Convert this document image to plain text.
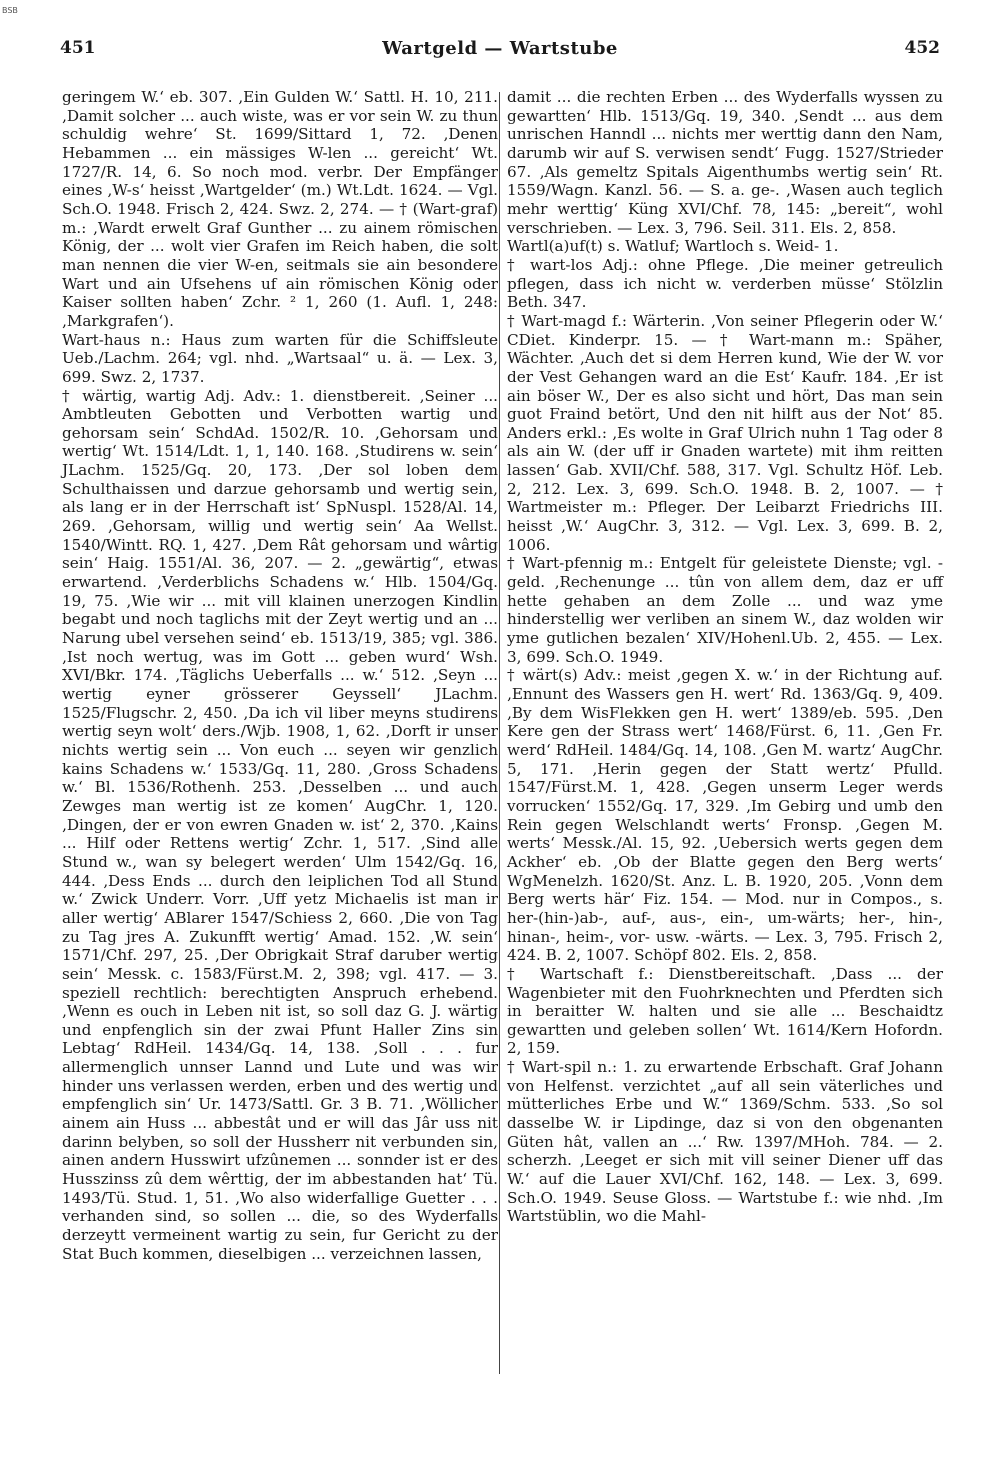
BSB
451	Wartgeld — Wartstube	452

geringem W.‘ eb. 307. ‚Ein Gulden W.‘ Sattl. H. 10, 211. ‚Damit solcher ... auch wiste, was er vor sein W. zu thun schuldig wehre‘ St. 1699/Sittard 1, 72. ‚Denen Hebammen ... ein mässiges W-len ... gereicht‘ Wt. 1727/R. 14, 6. So noch mod. verbr. Der Empfänger eines ‚W-s‘ heisst ‚Wartgelder‘ (m.) Wt.Ldt. 1624. — Vgl. Sch.O. 1948. Frisch 2, 424. Swz. 2, 274. — † (Wart-graf) m.: ‚Wardt erwelt Graf Gunther ... zu ainem römischen König, der ... wolt vier Grafen im Reich haben, die solt man nennen die vier W-en, seitmals sie ain besondere Wart und ain Ufsehens uf ain römischen König oder Kaiser sollten haben‘ Zchr. ² 1, 260 (1. Aufl. 1, 248: ‚Markgrafen‘).

Wart-haus n.: Haus zum warten für die Schiffsleute Ueb./Lachm. 264; vgl. nhd. „Wartsaal“ u. ä. — Lex. 3, 699. Swz. 2, 1737.

† wärtig, wartig Adj. Adv.: 1. dienstbereit. ‚Seiner ... Ambtleuten Gebotten und Verbotten wartig und gehorsam sein‘ SchdAd. 1502/R. 10. ‚Gehorsam und wertig‘ Wt. 1514/Ldt. 1, 1, 140. 168. ‚Studirens w. sein‘ JLachm. 1525/Gq. 20, 173. ‚Der sol loben dem Schulthaissen und darzue gehorsamb und wertig sein, als lang er in der Herrschaft ist‘ SpNuspl. 1528/Al. 14, 269. ‚Gehorsam, willig und wertig sein‘ Aa Wellst. 1540/Wintt. RQ. 1, 427. ‚Dem Rât gehorsam und wârtig sein‘ Haig. 1551/Al. 36, 207. — 2. „gewärtig“, etwas erwartend. ‚Verderblichs Schadens w.‘ Hlb. 1504/Gq. 19, 75. ‚Wie wir ... mit vill klainen unerzogen Kindlin begabt und noch taglichs mit der Zeyt wertig und an ... Narung ubel versehen seind‘ eb. 1513/19, 385; vgl. 386. ‚Ist noch wertug, was im Gott ... geben wurd‘ Wsh. XVI/Bkr. 174. ‚Täglichs Ueberfalls ... w.‘ 512. ‚Seyn ... wertig eyner grösserer Geyssell‘ JLachm. 1525/Flugschr. 2, 450. ‚Da ich vil liber meyns studirens wertig seyn wolt‘ ders./Wjb. 1908, 1, 62. ‚Dorft ir unser nichts wertig sein ... Von euch ... seyen wir genzlich kains Schadens w.‘ 1533/Gq. 11, 280. ‚Gross Schadens w.‘ Bl. 1536/Rothenh. 253. ‚Desselben ... und auch Zewges man wertig ist ze komen‘ AugChr. 1, 120. ‚Dingen, der er von ewren Gnaden w. ist‘ 2, 370. ‚Kains ... Hilf oder Rettens wertig‘ Zchr. 1, 517. ‚Sind alle Stund w., wan sy belegert werden‘ Ulm 1542/Gq. 16, 444. ‚Dess Ends ... durch den leiplichen Tod all Stund w.‘ Zwick Underr. Vorr. ‚Uff yetz Michaelis ist man ir aller wertig‘ ABlarer 1547/Schiess 2, 660. ‚Die von Tag zu Tag jres A. Zukunfft wertig‘ Amad. 152. ‚W. sein‘ 1571/Chf. 297, 25. ‚Der Obrigkait Straf daruber wertig sein‘ Messk. c. 1583/Fürst.M. 2, 398; vgl. 417. — 3. speziell rechtlich: berechtigten Anspruch erhebend. ‚Wenn es ouch in Leben nit ist, so soll daz G. J. wärtig und enpfenglich sin der zwai Pfunt Haller Zins sin Lebtag‘ RdHeil. 1434/Gq. 14, 138. ‚Soll . . . fur allermenglich unnser Lannd und Lute und was wir hinder uns verlassen werden, erben und des wertig und empfenglich sin‘ Ur. 1473/Sattl. Gr. 3 B. 71. ‚Wöllicher ainem ain Huss ... abbestât und er will das Jâr uss nit darinn belyben, so soll der Hussherr nit verbunden sin, ainen andern Husswirt ufzûnemen ... sonnder ist er des Husszinss zû dem wêrttig, der im abbestanden hat‘ Tü. 1493/Tü. Stud. 1, 51. ‚Wo also widerfallige Guetter . . . verhanden sind, so sollen ... die, so des Wyderfalls derzeytt vermeinent wartig zu sein, fur Gericht zu der Stat Buch kommen, dieselbigen ... verzeichnen lassen,

damit ... die rechten Erben ... des Wyderfalls wyssen zu gewartten‘ Hlb. 1513/Gq. 19, 340. ‚Sendt ... aus dem unrischen Hanndl ... nichts mer werttig dann den Nam, darumb wir auf S. verwisen sendt‘ Fugg. 1527/Strieder 67. ‚Als gemeltz Spitals Aigenthumbs wertig sein‘ Rt. 1559/Wagn. Kanzl. 56. — S. a. ge-. ‚Wasen auch teglich mehr werttig‘ Küng XVI/Chf. 78, 145: „bereit“, wohl verschrieben. — Lex. 3, 796. Seil. 311. Els. 2, 858.

Wartl(a)uf(t) s. Watluf; Wartloch s. Weid- 1.

† wart-los Adj.: ohne Pflege. ‚Die meiner getreulich pflegen, dass ich nicht w. verderben müsse‘ Stölzlin Beth. 347.

† Wart-magd f.: Wärterin. ‚Von seiner Pflegerin oder W.‘ CDiet. Kinderpr. 15. — † Wart-mann m.: Späher, Wächter. ‚Auch det si dem Herren kund, Wie der W. vor der Vest Gehangen ward an die Est‘ Kaufr. 184. ‚Er ist ain böser W., Der es also sicht und hört, Das man sein guot Fraind betört, Und den nit hilft aus der Not‘ 85. Anders erkl.: ‚Es wolte in Graf Ulrich nuhn 1 Tag oder 8 als ain W. (der uff ir Gnaden wartete) mit ihm reitten lassen‘ Gab. XVII/Chf. 588, 317. Vgl. Schultz Höf. Leb. 2, 212. Lex. 3, 699. Sch.O. 1948. B. 2, 1007. — † Wartmeister m.: Pfleger. Der Leibarzt Friedrichs III. heisst ‚W.‘ AugChr. 3, 312. — Vgl. Lex. 3, 699. B. 2, 1006.

† Wart-pfennig m.: Entgelt für geleistete Dienste; vgl. -geld. ‚Rechenunge ... tûn von allem dem, daz er uff hette gehaben an dem Zolle ... und waz yme hinderstellig wer verliben an sinem W., daz wolden wir yme gutlichen bezalen‘ XIV/Hohenl.Ub. 2, 455. — Lex. 3, 699. Sch.O. 1949.

† wärt(s) Adv.: meist ‚gegen X. w.‘ in der Richtung auf. ‚Ennunt des Wassers gen H. wert‘ Rd. 1363/Gq. 9, 409. ‚By dem WisFlekken gen H. wert‘ 1389/eb. 595. ‚Den Kere gen der Strass wert‘ 1468/Fürst. 6, 11. ‚Gen Fr. werd‘ RdHeil. 1484/Gq. 14, 108. ‚Gen M. wartz‘ AugChr. 5, 171. ‚Herin gegen der Statt wertz‘ Pfulld. 1547/Fürst.M. 1, 428. ‚Gegen unserm Leger werds vorrucken‘ 1552/Gq. 17, 329. ‚Im Gebirg und umb den Rein gegen Welschlandt werts‘ Fronsp. ‚Gegen M. werts‘ Messk./Al. 15, 92. ‚Uebersich werts gegen dem Ackher‘ eb. ‚Ob der Blatte gegen den Berg werts‘ WgMenelzh. 1620/St. Anz. L. B. 1920, 205. ‚Vonn dem Berg werts här‘ Fiz. 154. — Mod. nur in Compos., s. her-(hin-)ab-, auf-, aus-, ein-, um-wärts; her-, hin-, hinan-, heim-, vor- usw. -wärts. — Lex. 3, 795. Frisch 2, 424. B. 2, 1007. Schöpf 802. Els. 2, 858.

† Wartschaft f.: Dienstbereitschaft. ‚Dass ... der Wagenbieter mit den Fuohrknechten und Pferdten sich in beraitter W. halten und sie alle ... Beschaidtz gewartten und geleben sollen‘ Wt. 1614/Kern Hofordn. 2, 159.

† Wart-spil n.: 1. zu erwartende Erbschaft. Graf Johann von Helfenst. verzichtet „auf all sein väterliches und mütterliches Erbe und W.“ 1369/Schm. 533. ‚So sol dasselbe W. ir Lipdinge, daz si von den obgenanten Güten hât, vallen an ...‘ Rw. 1397/MHoh. 784. — 2. scherzh. ‚Leeget er sich mit vill seiner Diener uff das W.‘ auf die Lauer XVI/Chf. 162, 148. — Lex. 3, 699. Sch.O. 1949. Seuse Gloss. — Wartstube f.: wie nhd. ‚Im Wartstüblin, wo die Mahl-
